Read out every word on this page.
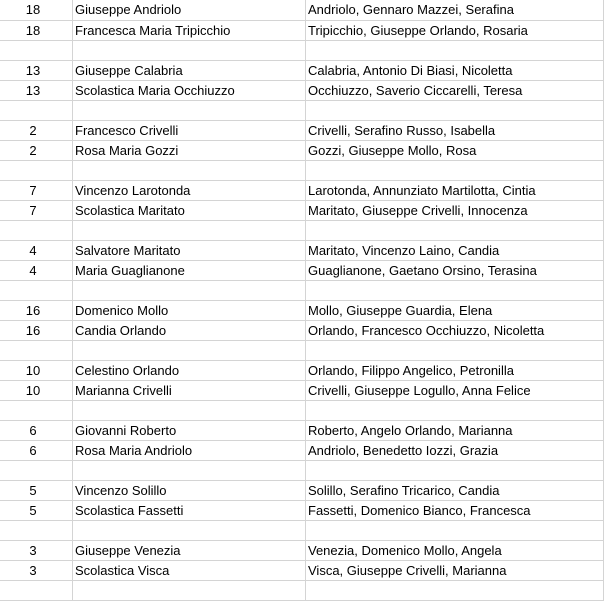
18	Giuseppe Andriolo	Andriolo, Gennaro Mazzei, Serafina
18	Francesca Maria Tripicchio	Tripicchio, Giuseppe Orlando, Rosaria
13	Giuseppe Calabria	Calabria, Antonio Di Biasi, Nicoletta
13	Scolastica Maria Occhiuzzo	Occhiuzzo, Saverio Ciccarelli, Teresa
2	Francesco Crivelli	Crivelli, Serafino Russo, Isabella
2	Rosa Maria Gozzi	Gozzi, Giuseppe Mollo, Rosa
7	Vincenzo Larotonda	Larotonda, Annunziato Martilotta, Cintia
7	Scolastica Maritato	Maritato, Giuseppe Crivelli, Innocenza
4	Salvatore Maritato	Maritato, Vincenzo Laino, Candia
4	Maria Guaglianone	Guaglianone, Gaetano Orsino, Terasina
16	Domenico Mollo	Mollo, Giuseppe Guardia, Elena
16	Candia Orlando	Orlando, Francesco Occhiuzzo, Nicoletta
10	Celestino Orlando	Orlando, Filippo Angelico, Petronilla
10	Marianna Crivelli	Crivelli, Giuseppe Logullo, Anna Felice
6	Giovanni Roberto	Roberto, Angelo Orlando, Marianna
6	Rosa Maria Andriolo	Andriolo, Benedetto Iozzi, Grazia
5	Vincenzo Solillo	Solillo, Serafino Tricarico, Candia
5	Scolastica Fassetti	Fassetti, Domenico Bianco, Francesca
3	Giuseppe Venezia	Venezia, Domenico Mollo, Angela
3	Scolastica Visca	Visca, Giuseppe Crivelli, Marianna
